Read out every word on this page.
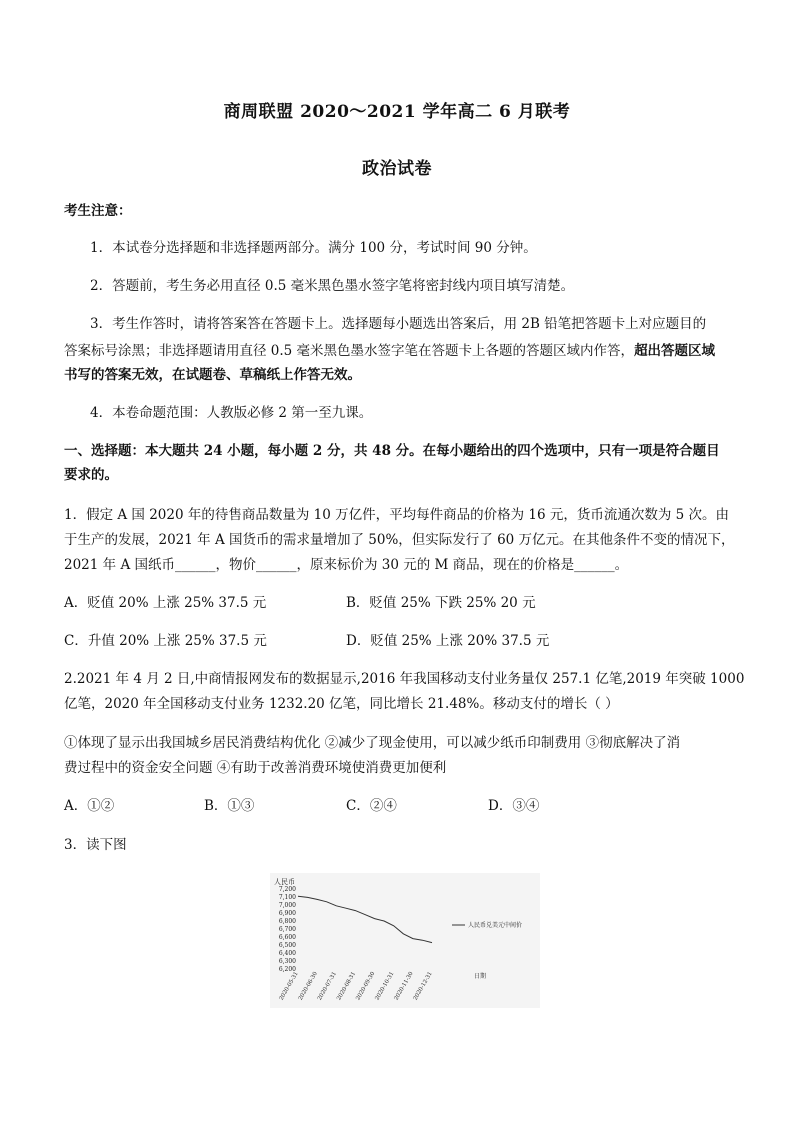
商周联盟 2020～2021 学年高二 6 月联考
政治试卷
考生注意：
1．本试卷分选择题和非选择题两部分。满分 100 分，考试时间 90 分钟。
2．答题前，考生务必用直径 0.5 毫米黑色墨水签字笔将密封线内项目填写清楚。
3．考生作答时，请将答案答在答题卡上。选择题每小题选出答案后，用 2B 铅笔把答题卡上对应题目的
答案标号涂黑；非选择题请用直径 0.5 毫米黑色墨水签字笔在答题卡上各题的答题区域内作答，超出答题区域
书写的答案无效，在试题卷、草稿纸上作答无效。
4．本卷命题范围：人教版必修 2 第一至九课。
一、选择题：本大题共 24 小题，每小题 2 分，共 48 分。在每小题给出的四个选项中，只有一项是符合题目
要求的。
1．假定 A 国 2020 年的待售商品数量为 10 万亿件，平均每件商品的价格为 16 元，货币流通次数为 5 次。由
于生产的发展，2021 年 A 国货币的需求量增加了 50%，但实际发行了 60 万亿元。在其他条件不变的情况下，
2021 年 A 国纸币______，物价______，原来标价为 30 元的 M 商品，现在的价格是______。
A．贬值 20% 上涨 25% 37.5 元	B．贬值 25% 下跌 25% 20 元
C．升值 20% 上涨 25% 37.5 元	D．贬值 25% 上涨 20% 37.5 元
2.2021 年 4 月 2 日,中商情报网发布的数据显示,2016 年我国移动支付业务量仅 257.1 亿笔,2019 年突破 1000
亿笔，2020 年全国移动支付业务 1232.20 亿笔，同比增长 21.48%。移动支付的增长（ ）
①体现了显示出我国城乡居民消费结构优化 ②减少了现金使用，可以减少纸币印制费用 ③彻底解决了消
费过程中的资金安全问题 ④有助于改善消费环境使消费更加便利
A．①②	B．①③	C．②④	D．③④
3．读下图
人民币
7,200
7,100
7,000
6,900
6,800
6,700
6,600
6,500
6,400
6,300
6,200
2020-05-31
2020-06-30
2020-07-31
2020-08-31
2020-09-30
2020-10-31
2020-11-30
2020-12-31
人民币兑美元中间价
日期
